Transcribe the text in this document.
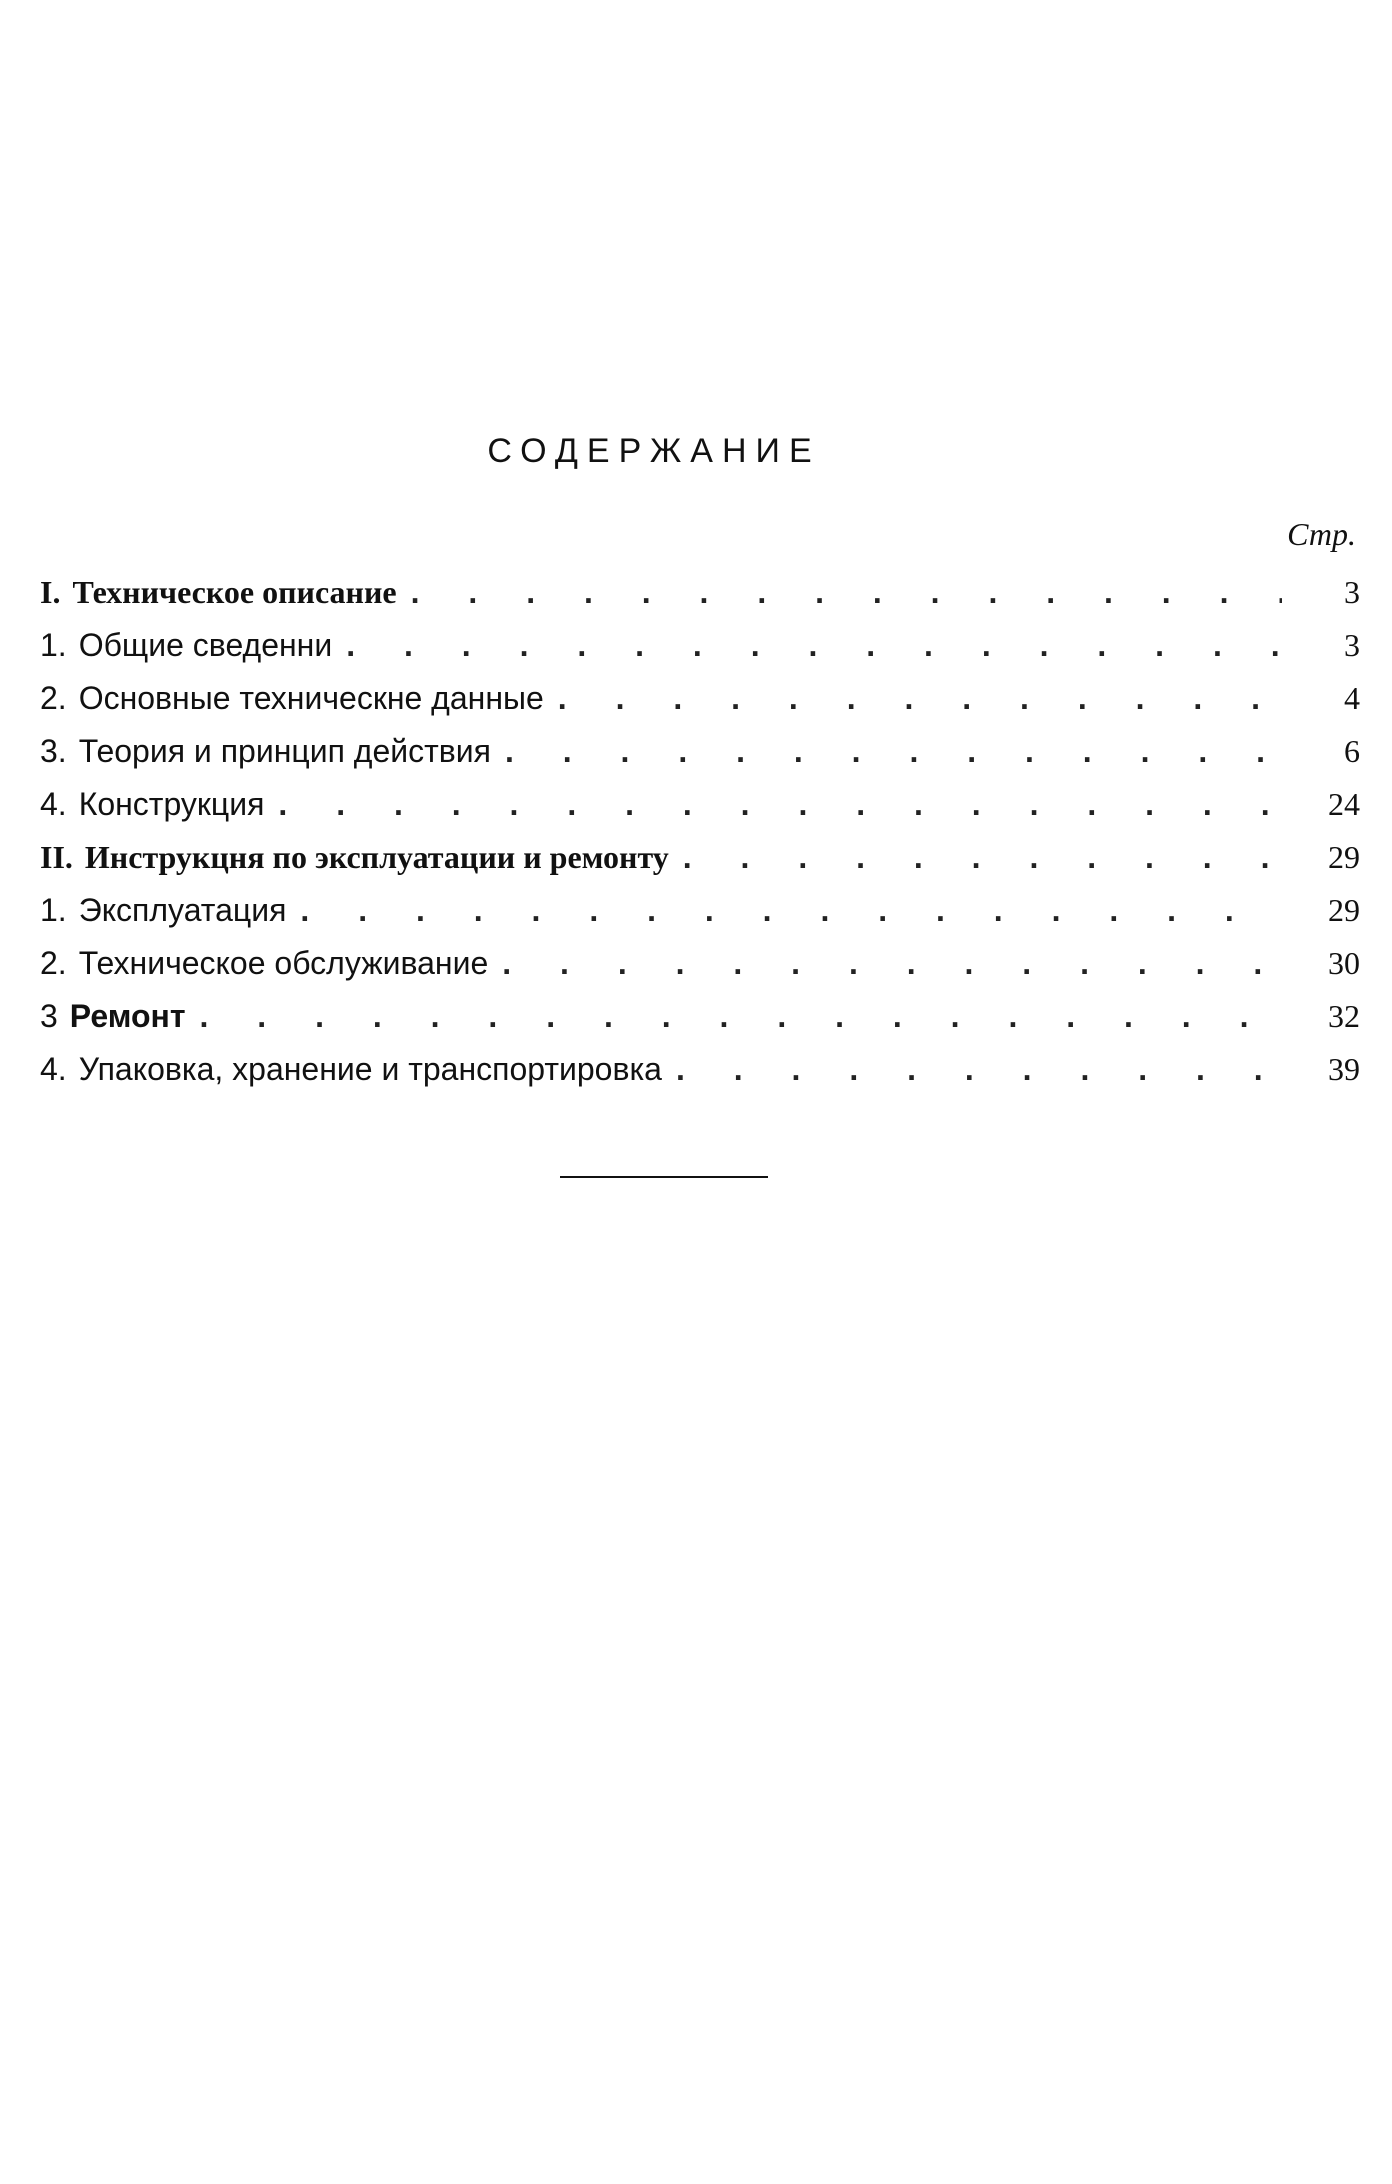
СОДЕРЖАНИЕ
Стр.
I. Техническое описание . . .	3
1. Общие сведенни . . .	3
2. Основные техническне данные . . .	4
3. Теория и принцип действия . . .	6
4. Конструкция . . .	24
II. Инструкцня по эксплуатации и ремонту . . .	29
1. Эксплуатация . . .	29
2. Техническое обслуживание . . .	30
3 Ремонт . . .	32
4. Упаковка, хранение и транспортировка . . .	39
